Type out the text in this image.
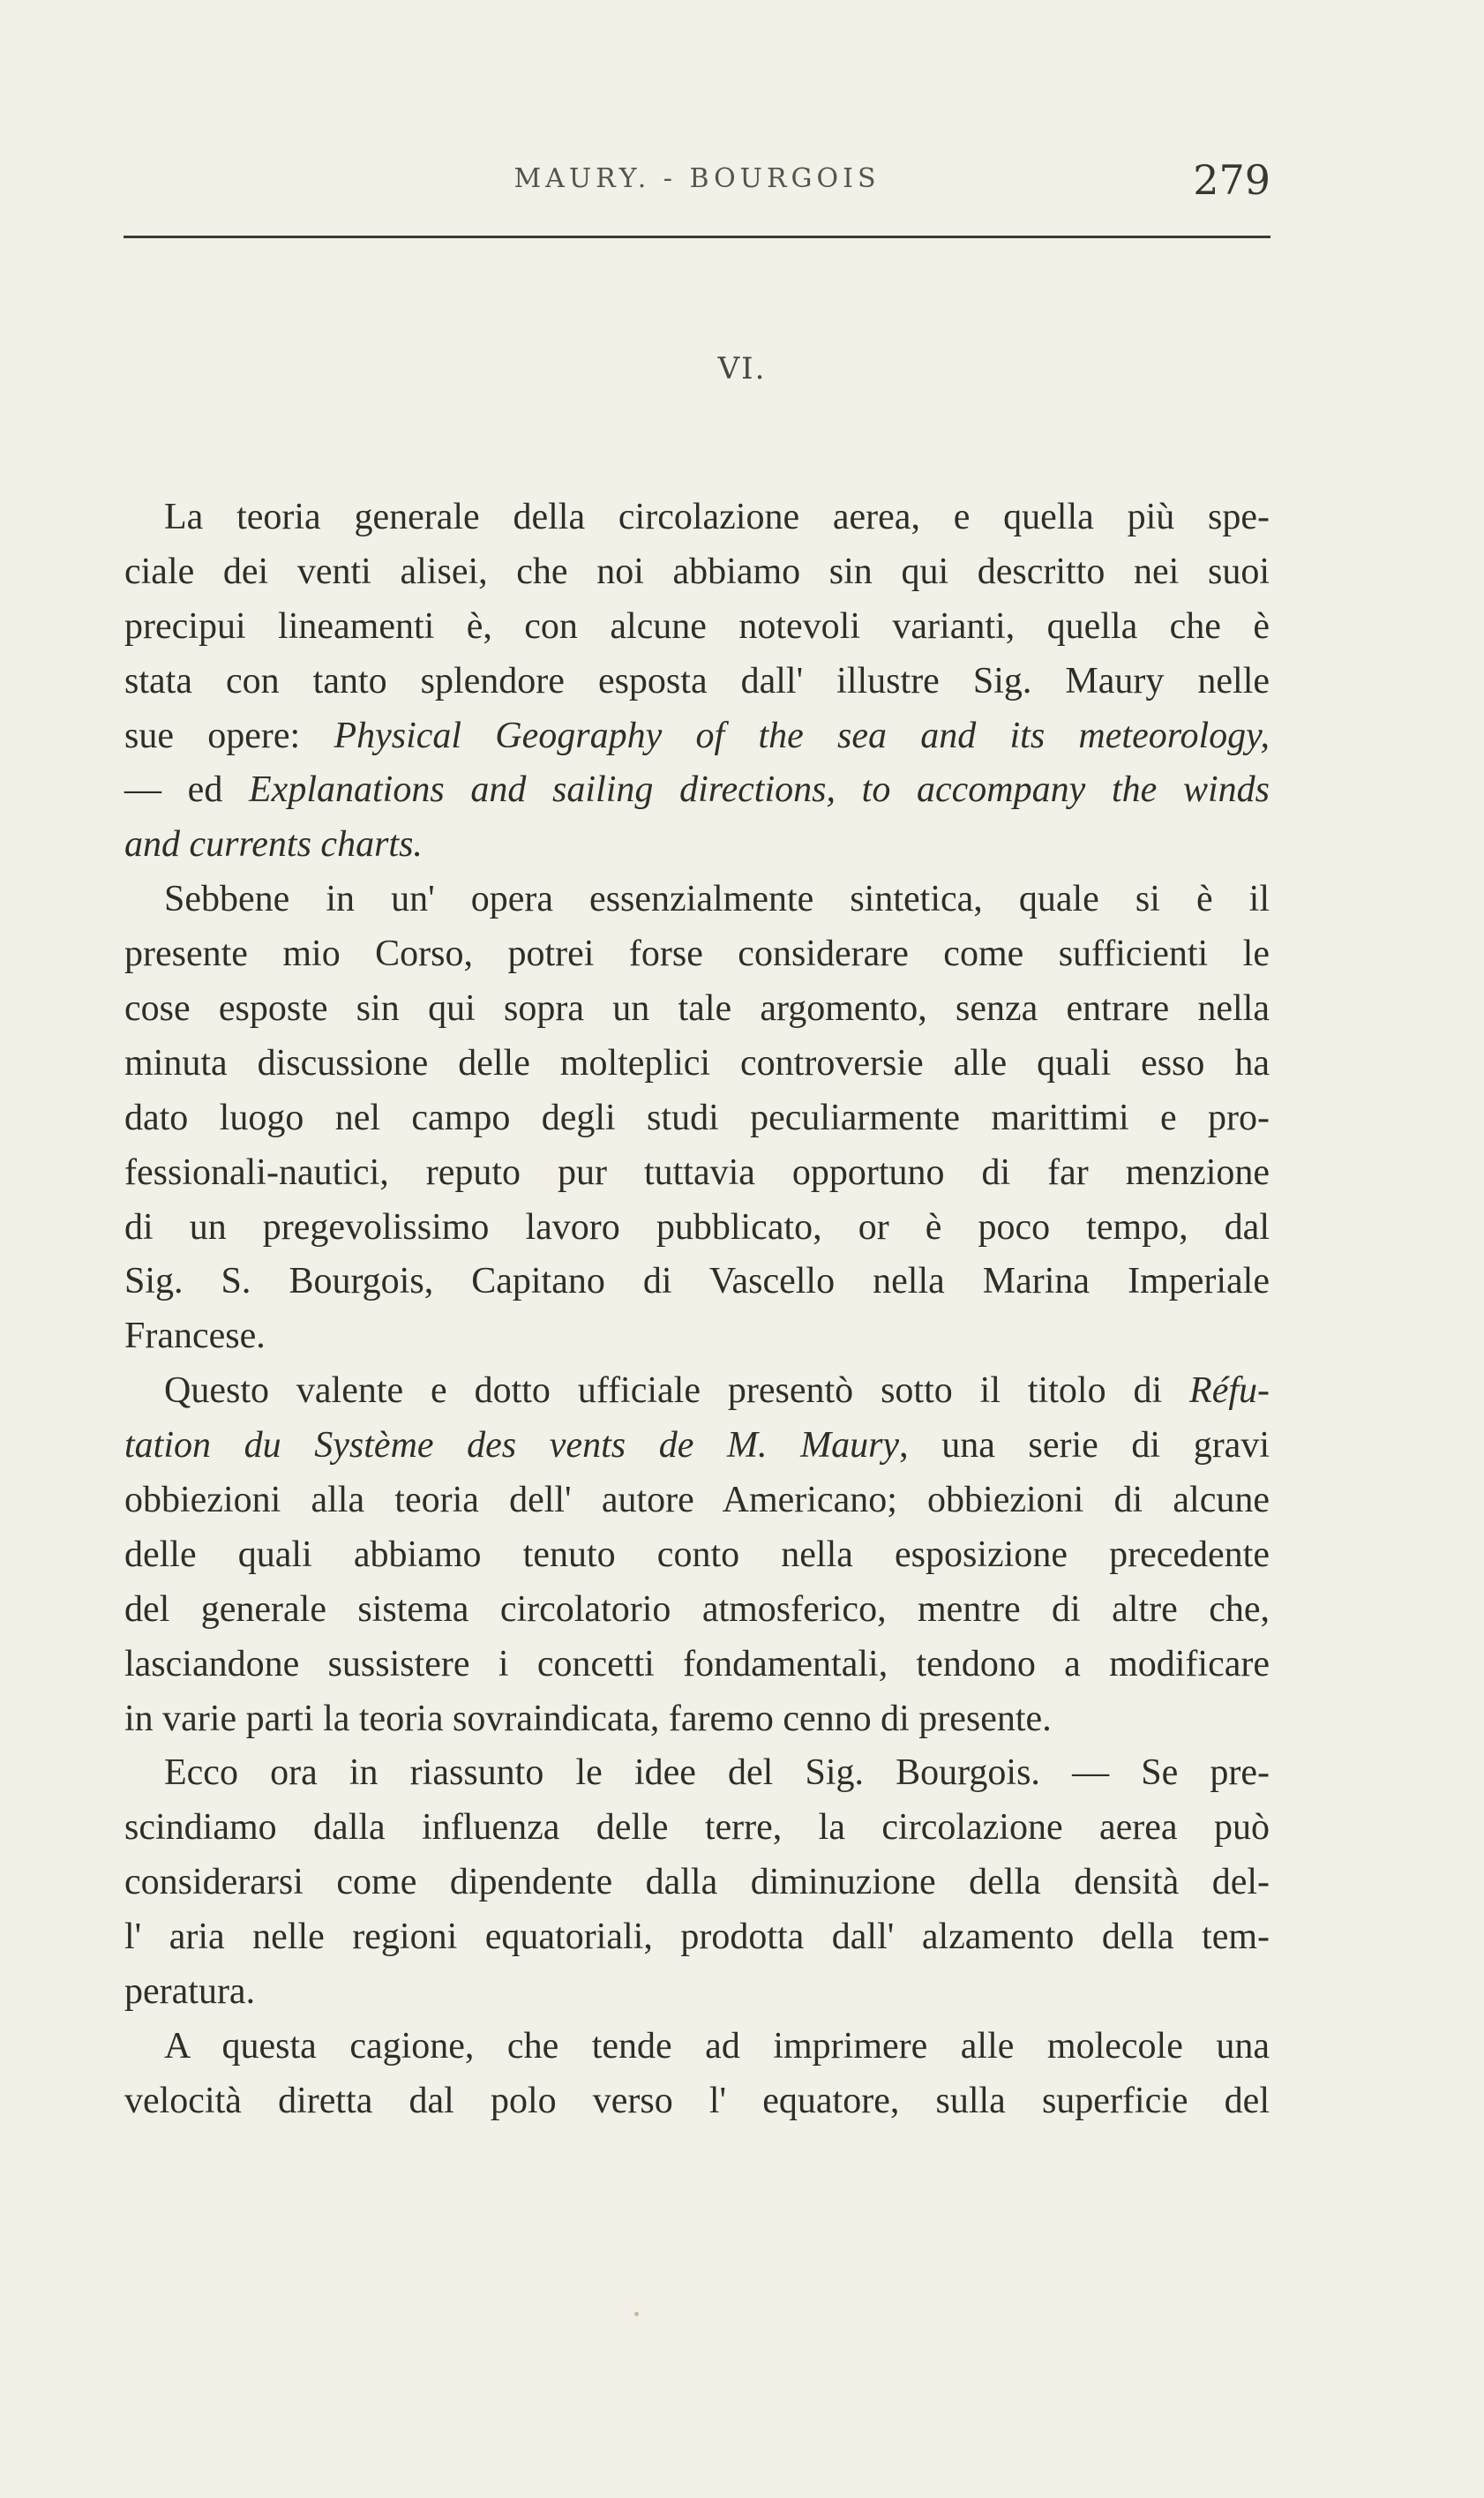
MAURY. - BOURGOIS	279
VI.
La teoria generale della circolazione aerea, e quella più spe-
ciale dei venti alisei, che noi abbiamo sin qui descritto nei suoi
precipui lineamenti è, con alcune notevoli varianti, quella che è
stata con tanto splendore esposta dall' illustre Sig. Maury nelle
sue opere: Physical Geography of the sea and its meteorology,
— ed Explanations and sailing directions, to accompany the winds
and currents charts.
Sebbene in un' opera essenzialmente sintetica, quale si è il
presente mio Corso, potrei forse considerare come sufficienti le
cose esposte sin qui sopra un tale argomento, senza entrare nella
minuta discussione delle molteplici controversie alle quali esso ha
dato luogo nel campo degli studi peculiarmente marittimi e pro-
fessionali-nautici, reputo pur tuttavia opportuno di far menzione
di un pregevolissimo lavoro pubblicato, or è poco tempo, dal
Sig. S. Bourgois, Capitano di Vascello nella Marina Imperiale
Francese.
Questo valente e dotto ufficiale presentò sotto il titolo di Réfu-
tation du Système des vents de M. Maury, una serie di gravi
obbiezioni alla teoria dell' autore Americano; obbiezioni di alcune
delle quali abbiamo tenuto conto nella esposizione precedente
del generale sistema circolatorio atmosferico, mentre di altre che,
lasciandone sussistere i concetti fondamentali, tendono a modificare
in varie parti la teoria sovraindicata, faremo cenno di presente.
Ecco ora in riassunto le idee del Sig. Bourgois. — Se pre-
scindiamo dalla influenza delle terre, la circolazione aerea può
considerarsi come dipendente dalla diminuzione della densità del-
l' aria nelle regioni equatoriali, prodotta dall' alzamento della tem-
peratura.
A questa cagione, che tende ad imprimere alle molecole una
velocità diretta dal polo verso l' equatore, sulla superficie del
